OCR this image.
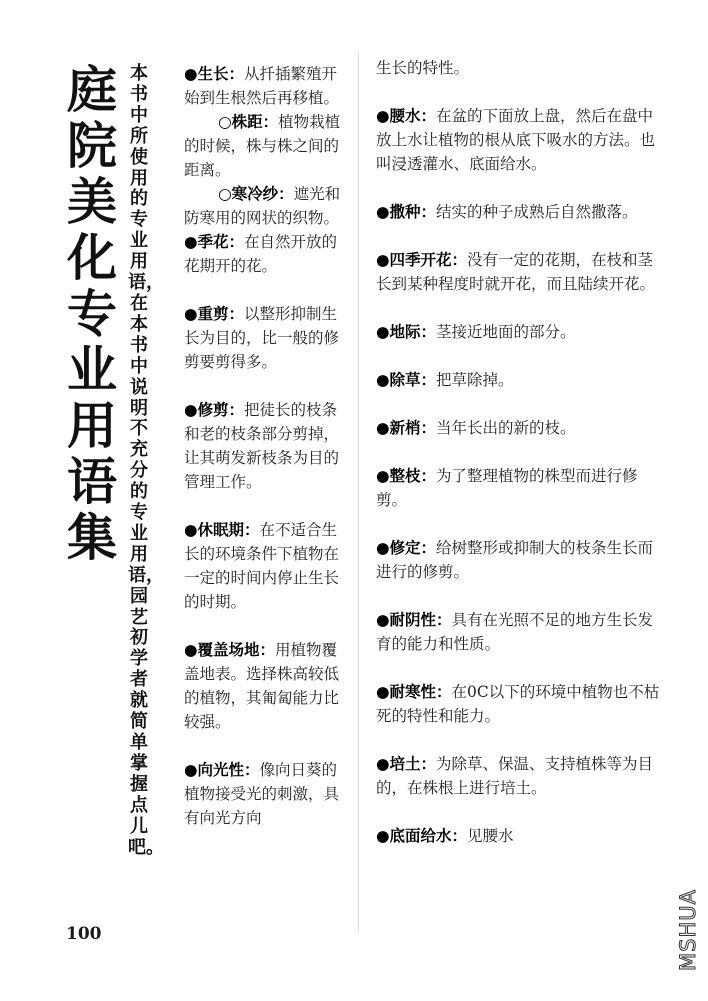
庭
院
美
化
专
业
用
语
集
本书中所使用的专业用语，在本书中说明不充分的专业用语，园艺初学者就简单掌握点儿吧。

●生长：从扦插繁殖开始到生根然后再移植。

○株距：植物栽植的时候，株与株之间的距离。

○寒冷纱：遮光和防寒用的网状的织物。

●季花：在自然开放的花期开的花。

●重剪：以整形抑制生长为目的，比一般的修剪要剪得多。

●修剪：把徒长的枝条和老的枝条部分剪掉，让其萌发新枝条为目的管理工作。

●休眠期：在不适合生长的环境条件下植物在一定的时间内停止生长的时期。

●覆盖场地：用植物覆盖地表。选择株高较低的植物，其匍匐能力比较强。

●向光性：像向日葵的植物接受光的刺激，具有向光方向

生长的特性。

●腰水：在盆的下面放上盘，然后在盘中放上水让植物的根从底下吸水的方法。也叫浸透灌水、底面给水。

●撒种：结实的种子成熟后自然撒落。

●四季开花：没有一定的花期，在枝和茎长到某种程度时就开花，而且陆续开花。

●地际：茎接近地面的部分。

●除草：把草除掉。

●新梢：当年长出的新的枝。

●整枝：为了整理植物的株型而进行修剪。

●修定：给树整形或抑制大的枝条生长而进行的修剪。

●耐阴性：具有在光照不足的地方生长发育的能力和性质。

●耐寒性：在0C以下的环境中植物也不枯死的特性和能力。

●培土：为除草、保温、支持植株等为目的，在株根上进行培土。

●底面给水：见腰水

100	MSHUA
